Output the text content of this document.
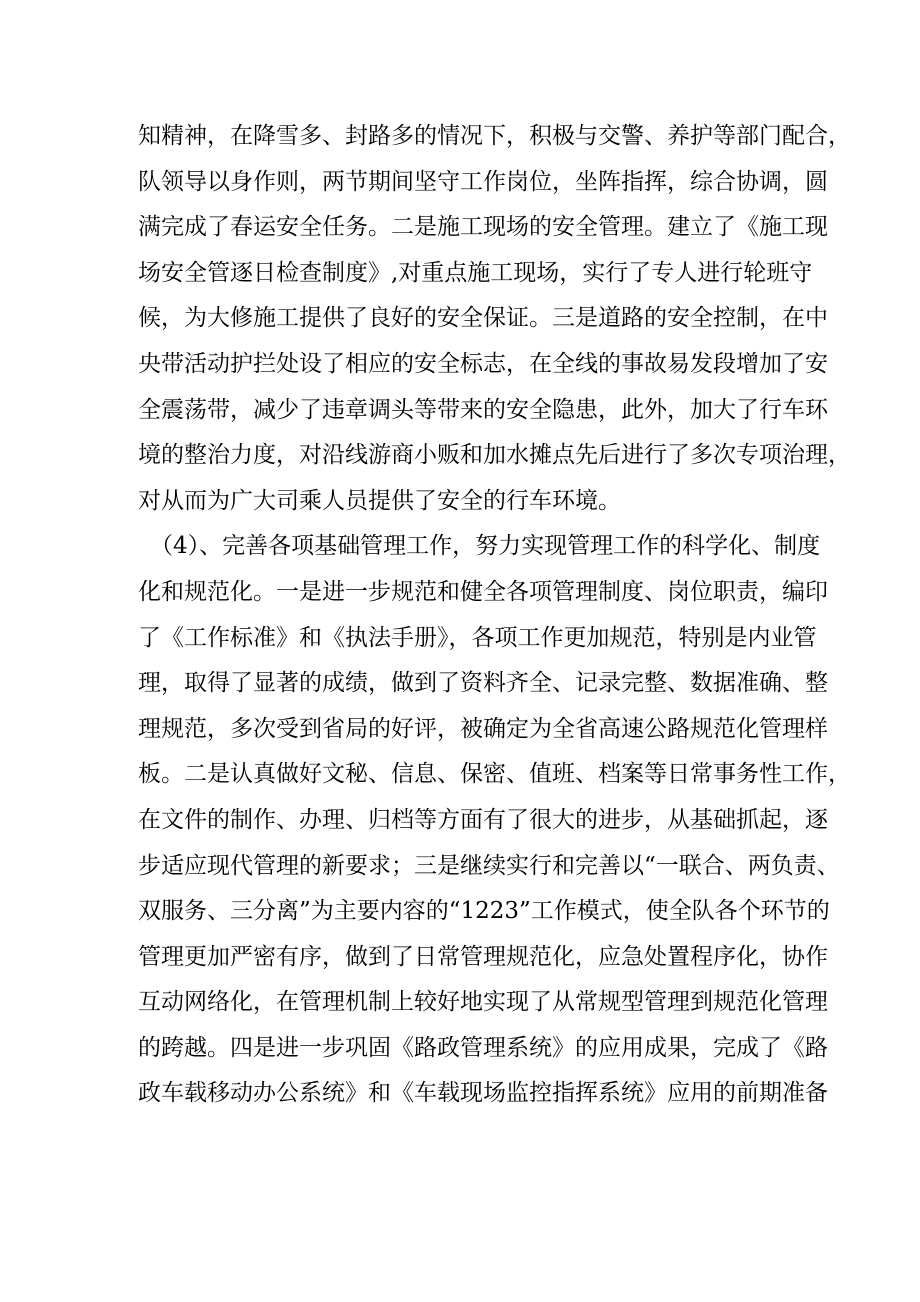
知精神，在降雪多、封路多的情况下，积极与交警、养护等部门配合，
队领导以身作则，两节期间坚守工作岗位，坐阵指挥，综合协调，圆
满完成了春运安全任务。二是施工现场的安全管理。建立了《施工现
场安全管逐日检查制度》,对重点施工现场，实行了专人进行轮班守
候，为大修施工提供了良好的安全保证。三是道路的安全控制，在中
央带活动护拦处设了相应的安全标志，在全线的事故易发段增加了安
全震荡带，减少了违章调头等带来的安全隐患，此外，加大了行车环
境的整治力度，对沿线游商小贩和加水摊点先后进行了多次专项治理，
对从而为广大司乘人员提供了安全的行车环境。
（4）、完善各项基础管理工作，努力实现管理工作的科学化、制度
化和规范化。一是进一步规范和健全各项管理制度、岗位职责，编印
了《工作标准》和《执法手册》，各项工作更加规范，特别是内业管
理，取得了显著的成绩，做到了资料齐全、记录完整、数据准确、整
理规范，多次受到省局的好评，被确定为全省高速公路规范化管理样
板。二是认真做好文秘、信息、保密、值班、档案等日常事务性工作，
在文件的制作、办理、归档等方面有了很大的进步，从基础抓起，逐
步适应现代管理的新要求；三是继续实行和完善以“一联合、两负责、
双服务、三分离”为主要内容的“1223”工作模式，使全队各个环节的
管理更加严密有序，做到了日常管理规范化，应急处置程序化，协作
互动网络化，在管理机制上较好地实现了从常规型管理到规范化管理
的跨越。四是进一步巩固《路政管理系统》的应用成果，完成了《路
政车载移动办公系统》和《车载现场监控指挥系统》应用的前期准备
